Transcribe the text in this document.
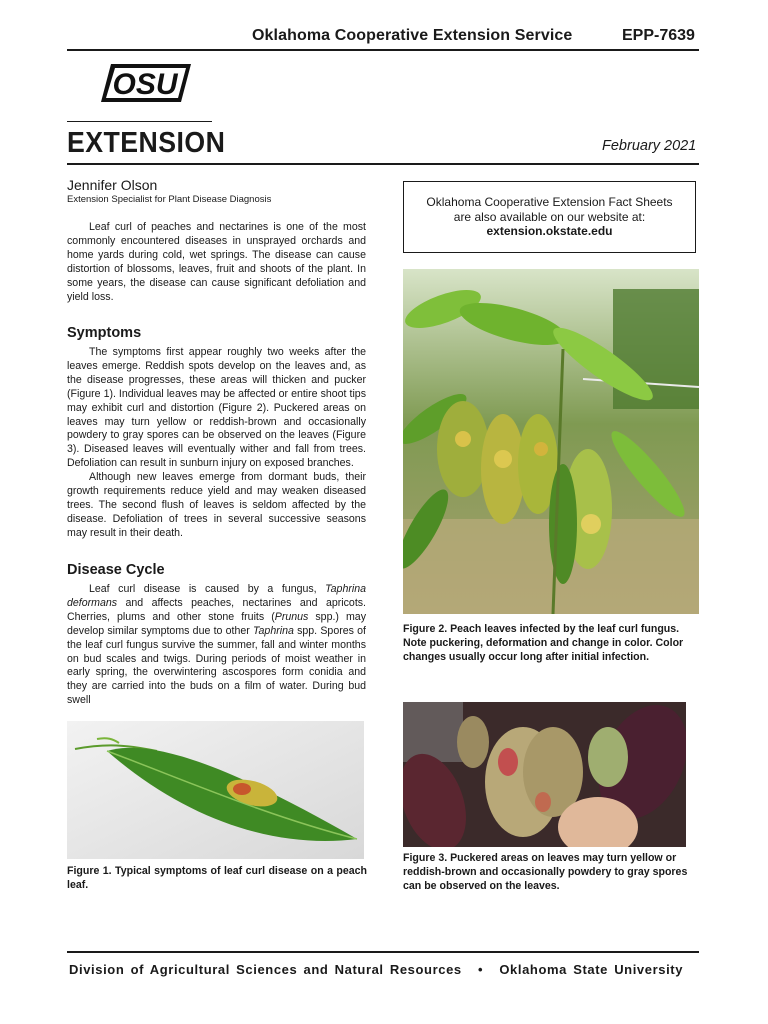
Oklahoma Cooperative Extension Service	EPP-7639
OSU
EXTENSION	February 2021
Jennifer Olson
Extension Specialist for Plant Disease Diagnosis

Leaf curl of peaches and nectarines is one of the most commonly encountered diseases in unsprayed orchards and home yards during cold, wet springs. The disease can cause distortion of blossoms, leaves, fruit and shoots of the plant. In some years, the disease can cause significant defoliation and yield loss.

Symptoms

The symptoms first appear roughly two weeks after the leaves emerge. Reddish spots develop on the leaves and, as the disease progresses, these areas will thicken and pucker (Figure 1). Individual leaves may be affected or entire shoot tips may exhibit curl and distortion (Figure 2). Puckered areas on leaves may turn yellow or reddish-brown and occasionally powdery to gray spores can be observed on the leaves (Figure 3). Diseased leaves will eventually wither and fall from trees. Defoliation can result in sunburn injury on exposed branches.

Although new leaves emerge from dormant buds, their growth requirements reduce yield and may weaken diseased trees. The second flush of leaves is seldom affected by the disease. Defoliation of trees in several successive seasons may result in their death.

Disease Cycle

Leaf curl disease is caused by a fungus, Taphrina deformans and affects peaches, nectarines and apricots. Cherries, plums and other stone fruits (Prunus spp.) may develop similar symptoms due to other Taphrina spp. Spores of the leaf curl fungus survive the summer, fall and winter months on bud scales and twigs. During periods of moist weather in early spring, the overwintering ascospores form conidia and they are carried into the buds on a film of water. During bud swell

Oklahoma Cooperative Extension Fact Sheets
are also available on our website at:
extension.okstate.edu
Figure 2. Peach leaves infected by the leaf curl fungus. Note puckering, deformation and change in color. Color changes usually occur long after initial infection.
Figure 1. Typical symptoms of leaf curl disease on a peach leaf.
Figure 3. Puckered areas on leaves may turn yellow or reddish-brown and occasionally powdery to gray spores can be observed on the leaves.
Division of Agricultural Sciences and Natural Resources • Oklahoma State University
